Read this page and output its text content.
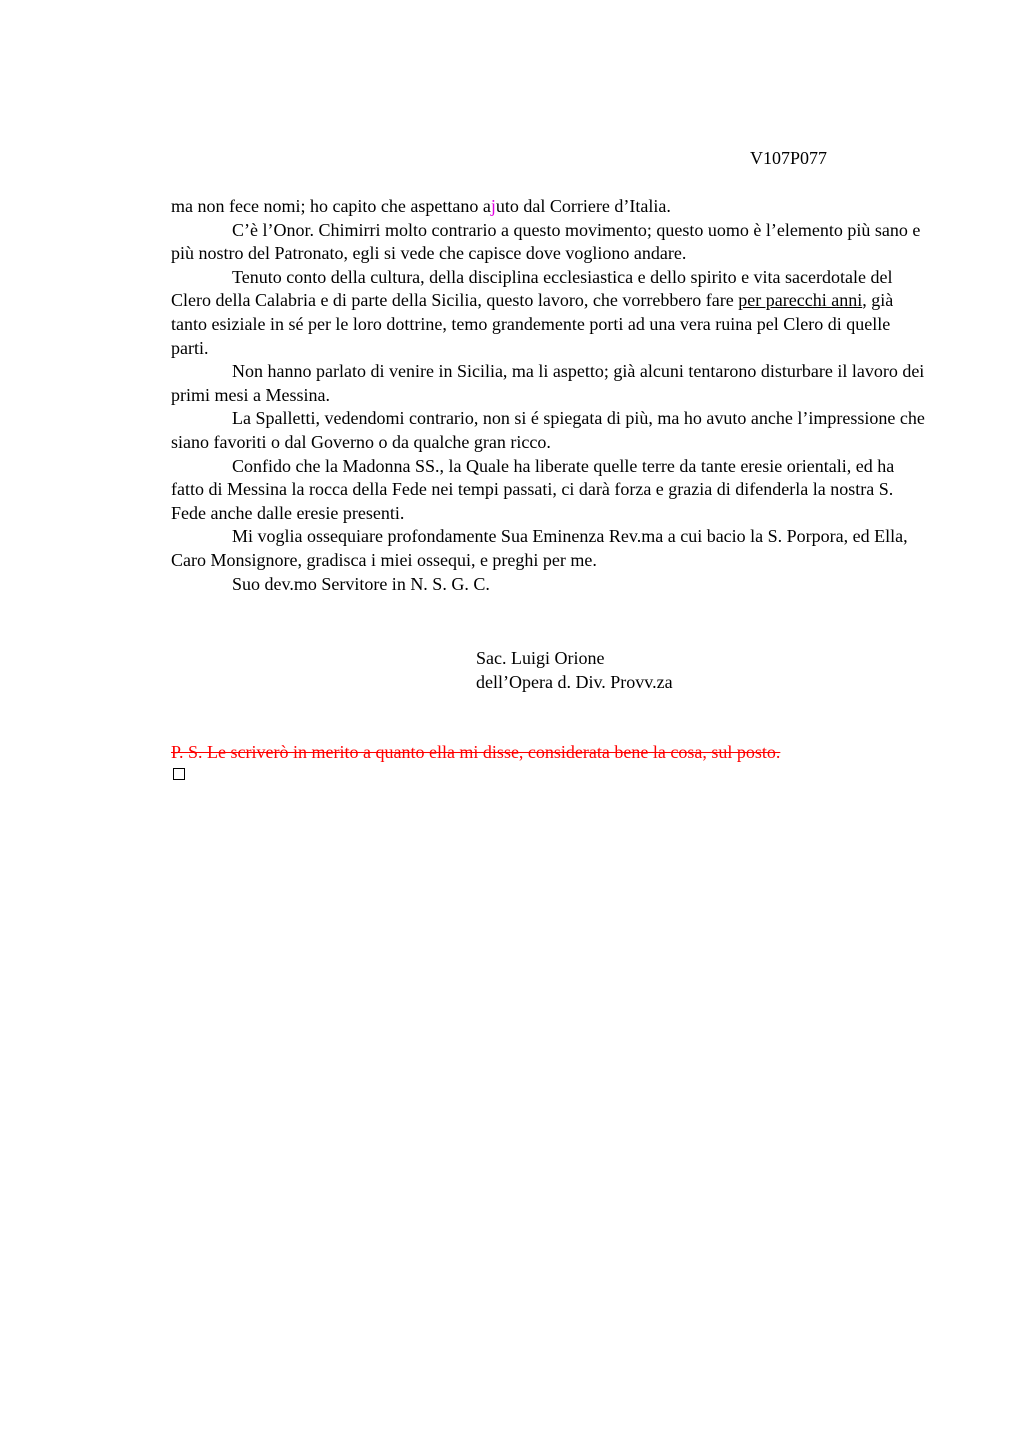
V107P077

ma non fece nomi; ho capito che aspettano ajuto dal Corriere d’Italia.

C’è l’Onor. Chimirri molto contrario a questo movimento; questo uomo è l’elemento più sano e più nostro del Patronato, egli si vede che capisce dove vogliono andare.

Tenuto conto della cultura, della disciplina ecclesiastica e dello spirito e vita sacerdotale del Clero della Calabria e di parte della Sicilia, questo lavoro, che vorrebbero fare per parecchi anni, già tanto esiziale in sé per le loro dottrine, temo grandemente porti ad una vera ruina pel Clero di quelle parti.

Non hanno parlato di venire in Sicilia, ma li aspetto; già alcuni tentarono disturbare il lavoro dei primi mesi a Messina.

La Spalletti, vedendomi contrario, non si é spiegata di più, ma ho avuto anche l’impressione che siano favoriti o dal Governo o da qualche gran ricco.

Confido che la Madonna SS., la Quale ha liberate quelle terre da tante eresie orientali, ed ha fatto di Messina la rocca della Fede nei tempi passati, ci darà forza e grazia di difenderla la nostra S. Fede anche dalle eresie presenti.

Mi voglia ossequiare profondamente Sua Eminenza Rev.ma a cui bacio la S. Porpora, ed Ella, Caro Monsignore, gradisca i miei ossequi, e preghi per me.

Suo dev.mo Servitore in N. S. G. C.

Sac. Luigi Orione
dell’Opera d. Div. Provv.za
P. S. Le scriverò in merito a quanto ella mi disse, considerata bene la cosa, sul posto.
